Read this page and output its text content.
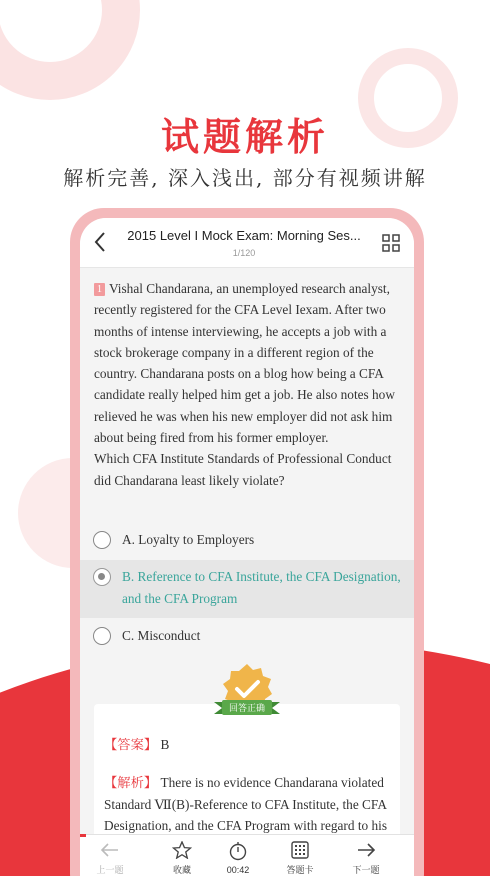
试题解析
解析完善, 深入浅出, 部分有视频讲解
2015 Level I Mock Exam: Morning Ses...
1/120
1 Vishal Chandarana, an unemployed research analyst, recently registered for the CFA Level Iexam. After two months of intense interviewing, he accepts a job with a stock brokerage company in a different region of the country. Chandarana posts on a blog how being a CFA candidate really helped him get a job. He also notes how relieved he was when his new employer did not ask him about being fired from his former employer.
Which CFA Institute Standards of Professional Conduct did Chandarana least likely violate?
A. Loyalty to Employers
B. Reference to CFA Institute, the CFA Designation, and the CFA Program
C. Misconduct
【答案】 B
【解析】 There is no evidence Chandarana violated Standard Ⅶ(B)-Reference to CFA Institute, the CFA Designation, and the CFA Program with regard to his
回答正确
上一题	收藏	00:42	答题卡	下一题
